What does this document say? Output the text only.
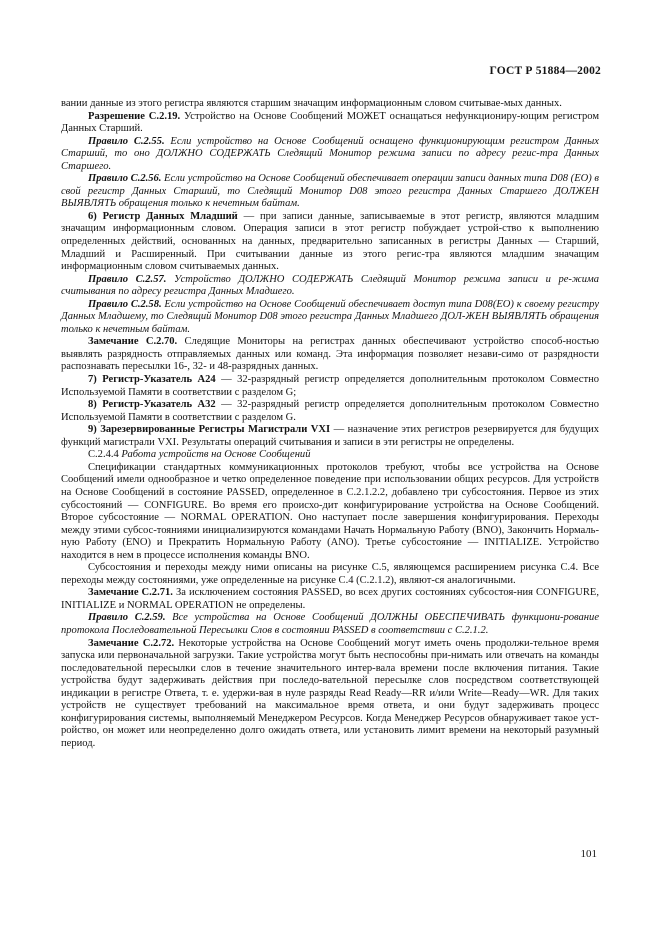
ГОСТ Р 51884—2002

вании данные из этого регистра являются старшим значащим информационным словом считывае-мых данных.

Разрешение С.2.19. Устройство на Основе Сообщений МОЖЕТ оснащаться нефункциониру-ющим регистром Данных Старший.

Правило С.2.55. Если устройство на Основе Сообщений оснащено функционирующим регистром Данных Старший, то оно ДОЛЖНО СОДЕРЖАТЬ Следящий Монитор режима записи по адресу регис-тра Данных Старшего.

Правило С.2.56. Если устройство на Основе Сообщений обеспечивает операции записи данных типа D08 (EO) в свой регистр Данных Старший, то Следящий Монитор D08 этого регистра Данных Старшего ДОЛЖЕН ВЫЯВЛЯТЬ обращения только к нечетным байтам.

6) Регистр Данных Младший — при записи данные, записываемые в этот регистр, являются младшим значащим информационным словом. Операция записи в этот регистр побуждает устрой-ство к выполнению определенных действий, основанных на данных, предварительно записанных в регистры Данных — Старший, Младший и Расширенный. При считывании данные из этого регис-тра являются младшим значащим информационным словом считываемых данных.

Правило С.2.57. Устройство ДОЛЖНО СОДЕРЖАТЬ Следящий Монитор режима записи и ре-жима считывания по адресу регистра Данных Младшего.

Правило С.2.58. Если устройство на Основе Сообщений обеспечивает доступ типа D08(EO) к своему регистру Данных Младшему, то Следящий Монитор D08 этого регистра Данных Младшего ДОЛ-ЖЕН ВЫЯВЛЯТЬ обращения только к нечетным байтам.

Замечание С.2.70. Следящие Мониторы на регистрах данных обеспечивают устройство способ-ностью выявлять разрядность отправляемых данных или команд. Эта информация позволяет незави-симо от разрядности распознавать пересылки 16-, 32- и 48-разрядных данных.

7) Регистр-Указатель А24 — 32-разрядный регистр определяется дополнительным протоколом Совместно Используемой Памяти в соответствии с разделом G;

8) Регистр-Указатель А32 — 32-разрядный регистр определяется дополнительным протоколом Совместно Используемой Памяти в соответствии с разделом G.

9) Зарезервированные Регистры Магистрали VXI — назначение этих регистров резервируется для будущих функций магистрали VXI. Результаты операций считывания и записи в эти регистры не определены.

С.2.4.4 Работа устройств на Основе Сообщений

Спецификации стандартных коммуникационных протоколов требуют, чтобы все устройства на Основе Сообщений имели однообразное и четко определенное поведение при использовании общих ресурсов. Для устройств на Основе Сообщений в состояние PASSED, определенное в С.2.1.2.2, добавлено три субсостояния. Первое из этих субсостояний — CONFIGURE. Во время его происхо-дит конфигурирование устройства на Основе Сообщений. Второе субсостояние — NORMAL OPERATION. Оно наступает после завершения конфигурирования. Переходы между этими субсос-тояниями инициализируются командами Начать Нормальную Работу (BNO), Закончить Нормаль-ную Работу (ENO) и Прекратить Нормальную Работу (ANO). Третье субсостояние — INITIALIZE. Устройство находится в нем в процессе исполнения команды BNO.

Субсостояния и переходы между ними описаны на рисунке С.5, являющемся расширением рисунка С.4. Все переходы между состояниями, уже определенные на рисунке С.4 (С.2.1.2), являют-ся аналогичными.

Замечание С.2.71. За исключением состояния PASSED, во всех других состояниях субсостоя-ния CONFIGURE, INITIALIZE и NORMAL OPERATION не определены.

Правило С.2.59. Все устройства на Основе Сообщений ДОЛЖНЫ ОБЕСПЕЧИВАТЬ функциони-рование протокола Последовательной Пересылки Слов в состоянии PASSED в соответствии с С.2.1.2.

Замечание С.2.72. Некоторые устройства на Основе Сообщений могут иметь очень продолжи-тельное время запуска или первоначальной загрузки. Такие устройства могут быть неспособны при-нимать или отвечать на команды последовательной пересылки слов в течение значительного интер-вала времени после включения питания. Такие устройства будут задерживать действия при последо-вательной пересылке слов посредством соответствующей индикации в регистре Ответа, т. е. удержи-вая в нуле разряды Read Ready—RR и/или Write—Ready—WR. Для таких устройств не существует требований на максимальное время ответа, и они будут задерживать процесс конфигурирования системы, выполняемый Менеджером Ресурсов. Когда Менеджер Ресурсов обнаруживает такое уст-ройство, он может или неопределенно долго ожидать ответа, или установить лимит времени на некоторый разумный период.

101
